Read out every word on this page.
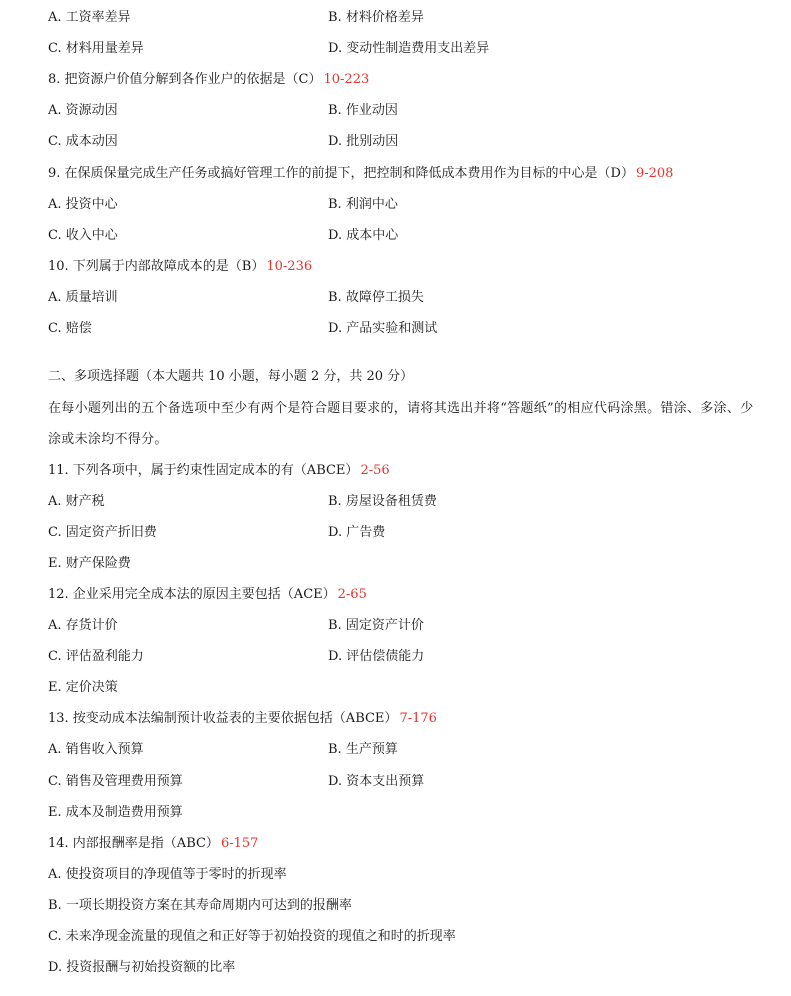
A. 工资率差异	B. 材料价格差异
C. 材料用量差异	D. 变动性制造费用支出差异
8. 把资源户价值分解到各作业户的依据是（C） 10-223
A. 资源动因	B. 作业动因
C. 成本动因	D. 批别动因
9. 在保质保量完成生产任务或搞好管理工作的前提下，把控制和降低成本费用作为目标的中心是（D） 9-208
A. 投资中心	B. 利润中心
C. 收入中心	D. 成本中心
10. 下列属于内部故障成本的是（B） 10-236
A. 质量培训	B. 故障停工损失
C. 赔偿	D. 产品实验和测试
二、多项选择题（本大题共 10 小题，每小题 2 分，共 20 分）
在每小题列出的五个备选项中至少有两个是符合题目要求的，请将其选出并将“答题纸”的相应代码涂黑。错涂、多涂、少涂或未涂均不得分。
11. 下列各项中，属于约束性固定成本的有（ABCE） 2-56
A. 财产税	B. 房屋设备租赁费
C. 固定资产折旧费	D. 广告费
E. 财产保险费
12. 企业采用完全成本法的原因主要包括（ACE） 2-65
A. 存货计价	B. 固定资产计价
C. 评估盈利能力	D. 评估偿债能力
E. 定价决策
13. 按变动成本法编制预计收益表的主要依据包括（ABCE） 7-176
A. 销售收入预算	B. 生产预算
C. 销售及管理费用预算	D. 资本支出预算
E. 成本及制造费用预算
14. 内部报酬率是指（ABC） 6-157
A. 使投资项目的净现值等于零时的折现率
B. 一项长期投资方案在其寿命周期内可达到的报酬率
C. 未来净现金流量的现值之和正好等于初始投资的现值之和时的折现率
D. 投资报酬与初始投资额的比率
